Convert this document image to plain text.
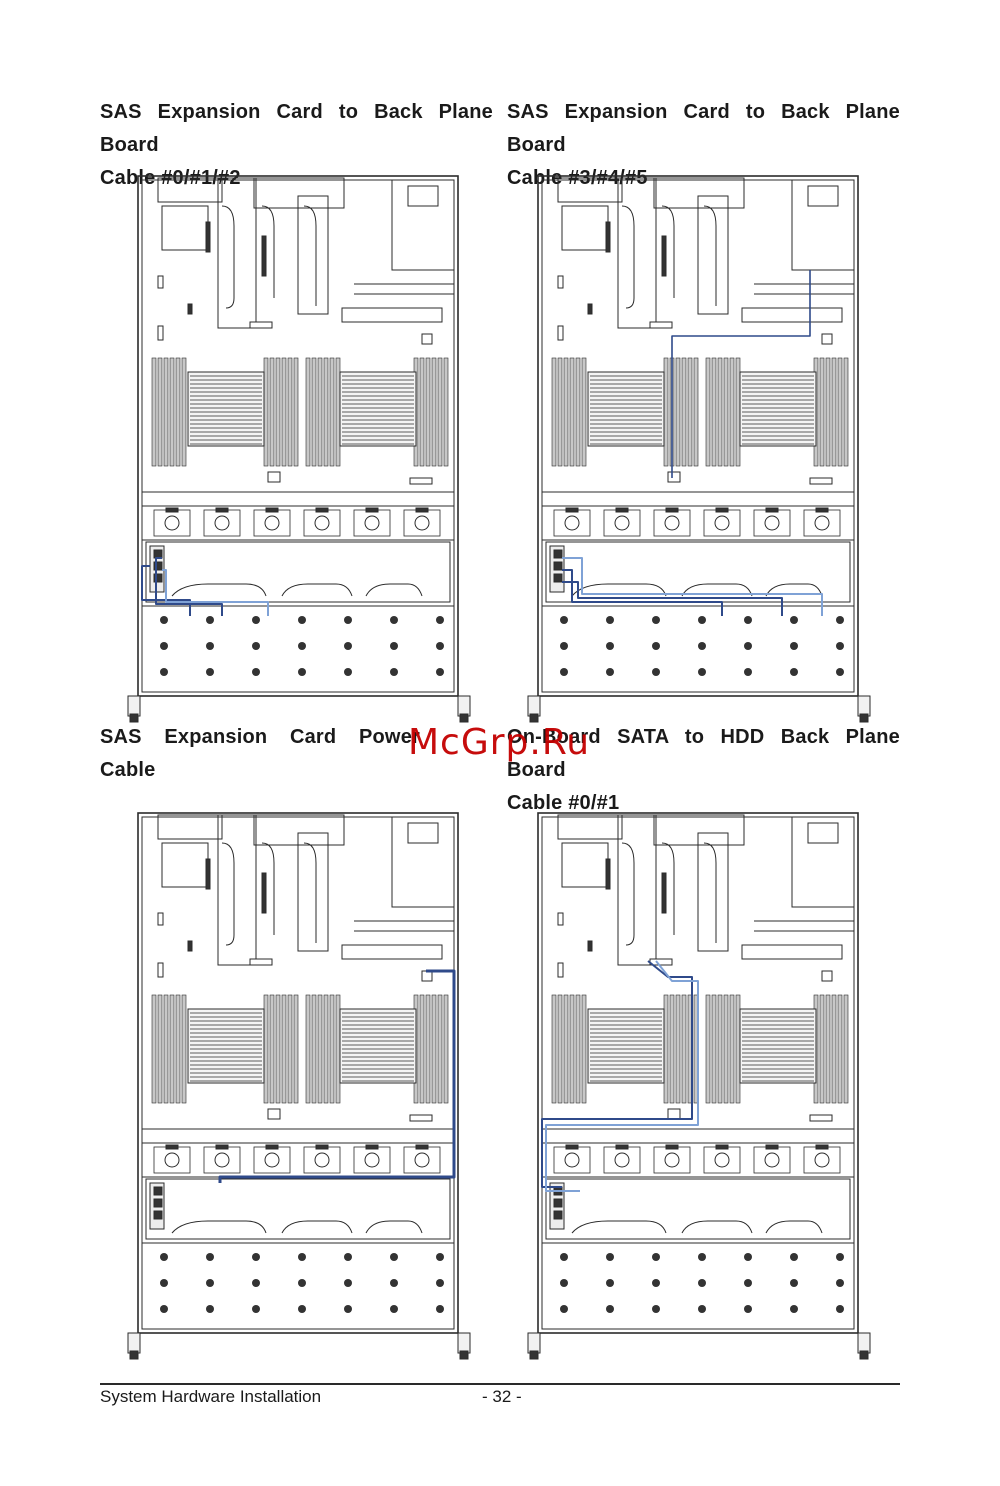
SAS Expansion Card to Back Plane Board
Cable #0/#1/#2
SAS Expansion Card to Back Plane Board
Cable #3/#4/#5
SAS Expansion Card Power Cable
On-Board SATA to HDD Back Plane Board
Cable #0/#1
McGrp.Ru
System Hardware Installation	- 32 -
